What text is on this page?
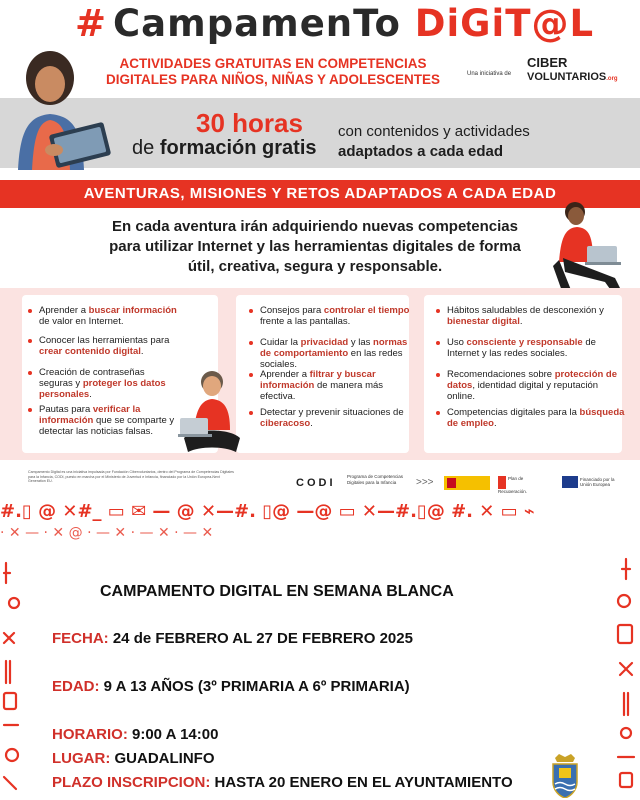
# CampamenTo DiGiT@L
ACTIVIDADES GRATUITAS EN COMPETENCIAS DIGITALES PARA NIÑOS, NIÑAS Y ADOLESCENTES	Una iniciativa de
CIBER
VOLUNTARIOS.org
30 horas
de formación gratis
con contenidos y actividades
adaptados a cada edad
AVENTURAS, MISIONES Y RETOS ADAPTADOS A CADA EDAD
En cada aventura irán adquiriendo nuevas competencias para utilizar Internet y las herramientas digitales de forma útil, creativa, segura y responsable.
Aprender a buscar información de valor en Internet.
Conocer las herramientas para crear contenido digital.
Creación de contraseñas seguras y proteger los datos personales.
Pautas para verificar la información que se comparte y detectar las noticias falsas.
Consejos para controlar el tiempo frente a las pantallas.
Cuidar la privacidad y las normas de comportamiento en las redes sociales.
Aprender a filtrar y buscar información de manera más efectiva.
Detectar y prevenir situaciones de ciberacoso.
Hábitos saludables de desconexión y bienestar digital.
Uso consciente y responsable de Internet y las redes sociales.
Recomendaciones sobre protección de datos, identidad digital y reputación online.
Competencias digitales para la búsqueda de empleo.
Campamento Digital es una iniciativa impulsada por Fundación Cibervoluntarios, dentro del Programa de Competencias Digitales para la Infancia, CODI, puesto en marcha por el Ministerio de Juventud e Infancia, financiado por la Unión Europea-Next Generation EU.	CODI
Programa de Competencias Digitales para la Infancia	>>>	Plan de Recuperación,
Financiado por la Unión Europea
#.▯ @ ✕#_ ▭ ✉ — @ ✕—#. ▯@ —@ ▭ ✕—#.▯@ #. ✕ ▭ ⌁
· ✕ — · ✕ @ · — ✕ · — ✕ · — ✕
CAMPAMENTO DIGITAL EN SEMANA BLANCA
FECHA: 24 de FEBRERO AL 27 DE FEBRERO 2025
EDAD: 9 A 13 AÑOS (3º PRIMARIA A 6º PRIMARIA)
HORARIO: 9:00 A 14:00
LUGAR: GUADALINFO
PLAZO INSCRIPCION: HASTA 20 ENERO EN EL AYUNTAMIENTO
